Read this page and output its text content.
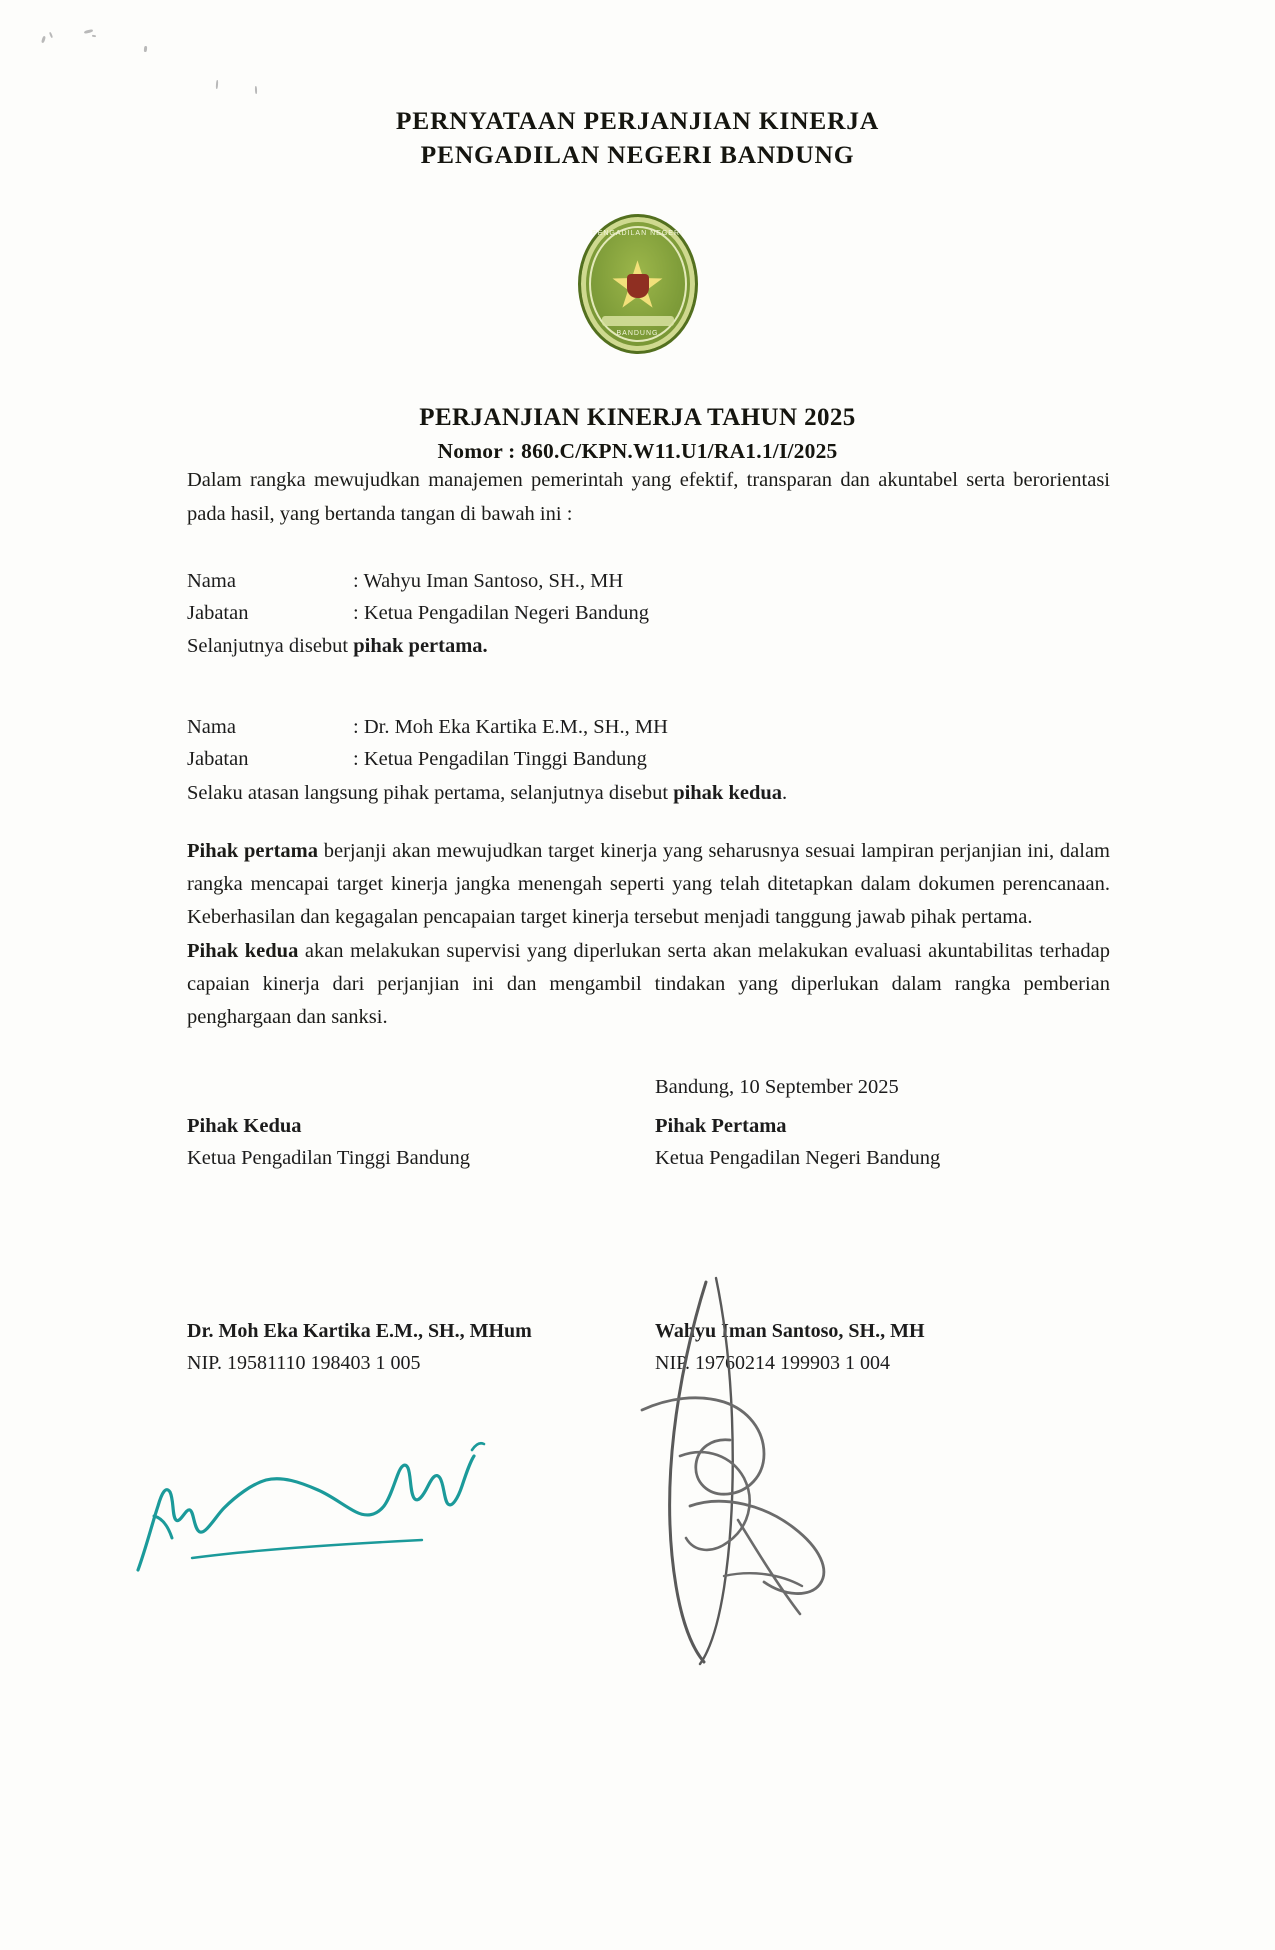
PERNYATAAN PERJANJIAN KINERJA
PENGADILAN NEGERI BANDUNG
PENGADILAN NEGERI
BANDUNG
PERJANJIAN KINERJA TAHUN 2025
Nomor : 860.C/KPN.W11.U1/RA1.1/I/2025

Dalam rangka mewujudkan manajemen pemerintah yang efektif, transparan dan akuntabel serta berorientasi pada hasil, yang bertanda tangan di bawah ini :

Nama	: Wahyu Iman Santoso, SH., MH
Jabatan	: Ketua Pengadilan Negeri Bandung
Selanjutnya disebut pihak pertama.
Nama	: Dr. Moh Eka Kartika E.M., SH., MH
Jabatan	: Ketua Pengadilan Tinggi Bandung
Selaku atasan langsung pihak pertama, selanjutnya disebut pihak kedua.

Pihak pertama berjanji akan mewujudkan target kinerja yang seharusnya sesuai lampiran perjanjian ini, dalam rangka mencapai target kinerja jangka menengah seperti yang telah ditetapkan dalam dokumen perencanaan. Keberhasilan dan kegagalan pencapaian target kinerja tersebut menjadi tanggung jawab pihak pertama.

Pihak kedua akan melakukan supervisi yang diperlukan serta akan melakukan evaluasi akuntabilitas terhadap capaian kinerja dari perjanjian ini dan mengambil tindakan yang diperlukan dalam rangka pemberian penghargaan dan sanksi.

Bandung, 10 September 2025
Pihak Kedua
Ketua Pengadilan Tinggi Bandung
Dr. Moh Eka Kartika E.M., SH., MHum
NIP. 19581110 198403 1 005
Pihak Pertama
Ketua Pengadilan Negeri Bandung
Wahyu Iman Santoso, SH., MH
NIP. 19760214 199903 1 004
